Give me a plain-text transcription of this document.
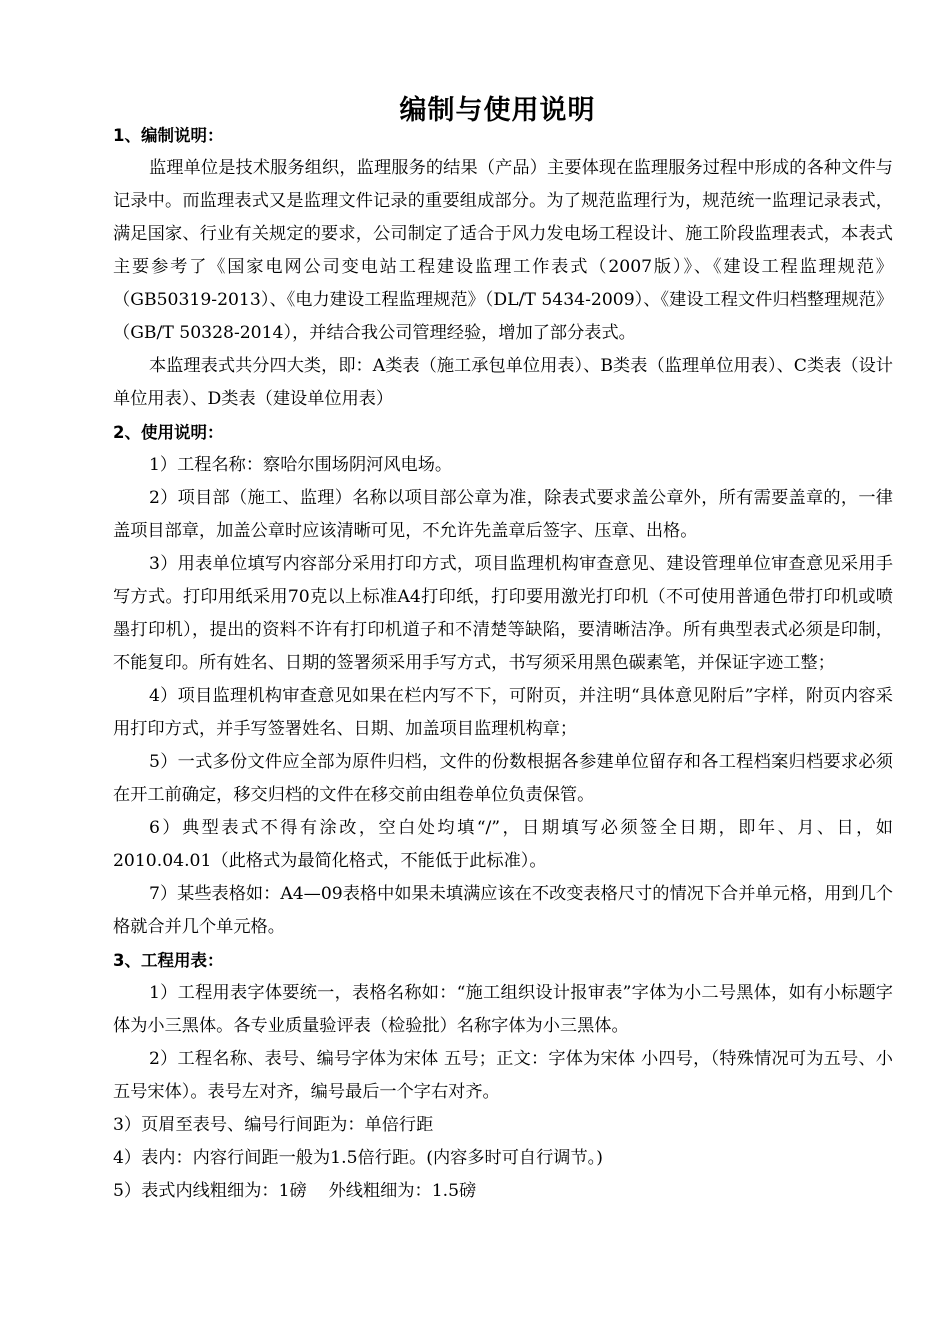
编制与使用说明

1、编制说明：

监理单位是技术服务组织，监理服务的结果（产品）主要体现在监理服务过程中形成的各种文件与记录中。而监理表式又是监理文件记录的重要组成部分。为了规范监理行为，规范统一监理记录表式，满足国家、行业有关规定的要求，公司制定了适合于风力发电场工程设计、施工阶段监理表式，本表式主要参考了《国家电网公司变电站工程建设监理工作表式（2007版）》、《建设工程监理规范》（GB50319-2013）、《电力建设工程监理规范》（DL/T 5434-2009）、《建设工程文件归档整理规范》（GB/T 50328-2014），并结合我公司管理经验，增加了部分表式。

本监理表式共分四大类，即：A类表（施工承包单位用表）、B类表（监理单位用表）、C类表（设计单位用表）、D类表（建设单位用表）

2、使用说明：

1）工程名称：察哈尔围场阴河风电场。

2）项目部（施工、监理）名称以项目部公章为准，除表式要求盖公章外，所有需要盖章的，一律盖项目部章，加盖公章时应该清晰可见，不允许先盖章后签字、压章、出格。

3）用表单位填写内容部分采用打印方式，项目监理机构审查意见、建设管理单位审查意见采用手写方式。打印用纸采用70克以上标准A4打印纸，打印要用激光打印机（不可使用普通色带打印机或喷墨打印机），提出的资料不许有打印机道子和不清楚等缺陷，要清晰洁净。所有典型表式必须是印制，不能复印。所有姓名、日期的签署须采用手写方式，书写须采用黑色碳素笔，并保证字迹工整；

4）项目监理机构审查意见如果在栏内写不下，可附页，并注明“具体意见附后”字样，附页内容采用打印方式，并手写签署姓名、日期、加盖项目监理机构章；

5）一式多份文件应全部为原件归档，文件的份数根据各参建单位留存和各工程档案归档要求必须在开工前确定，移交归档的文件在移交前由组卷单位负责保管。

6）典型表式不得有涂改，空白处均填“/”，日期填写必须签全日期，即年、月、日，如2010.04.01（此格式为最简化格式，不能低于此标准）。

7）某些表格如：A4—09表格中如果未填满应该在不改变表格尺寸的情况下合并单元格，用到几个格就合并几个单元格。

3、工程用表：

1）工程用表字体要统一，表格名称如：“施工组织设计报审表”字体为小二号黑体，如有小标题字体为小三黑体。各专业质量验评表（检验批）名称字体为小三黑体。

2）工程名称、表号、编号字体为宋体 五号；正文：字体为宋体 小四号，（特殊情况可为五号、小五号宋体）。表号左对齐，编号最后一个字右对齐。

3）页眉至表号、编号行间距为：单倍行距

4）表内：内容行间距一般为1.5倍行距。(内容多时可自行调节。)

5）表式内线粗细为：1磅    外线粗细为：1.5磅
